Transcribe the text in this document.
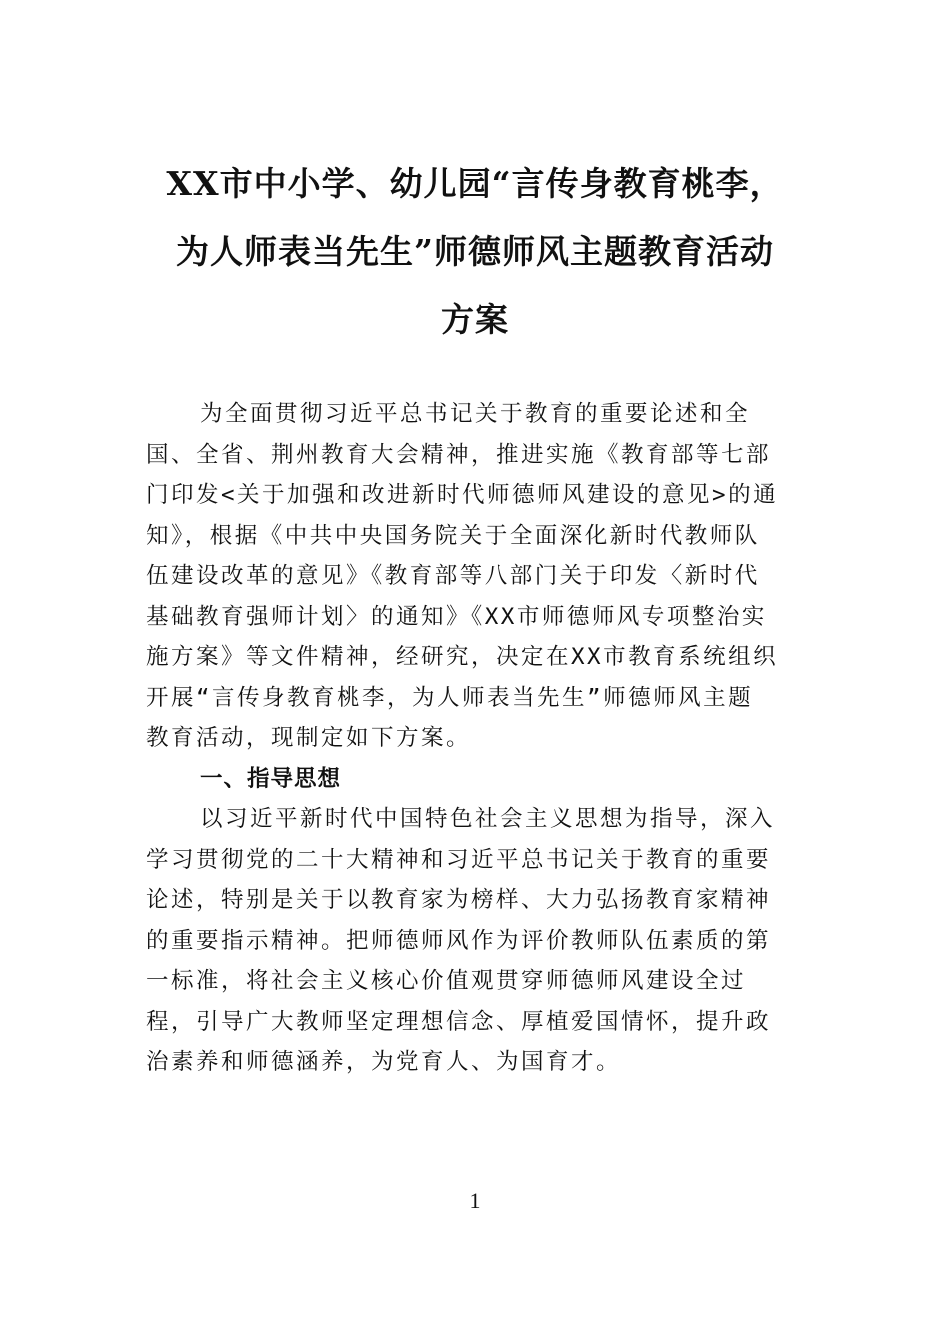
XX市中小学、幼儿园“言传身教育桃李，
为人师表当先生”师德师风主题教育活动
方案
为全面贯彻习近平总书记关于教育的重要论述和全
国、全省、荆州教育大会精神，推进实施《教育部等七部
门印发<关于加强和改进新时代师德师风建设的意见>的通
知》，根据《中共中央国务院关于全面深化新时代教师队
伍建设改革的意见》《教育部等八部门关于印发〈新时代
基础教育强师计划〉的通知》《XX市师德师风专项整治实
施方案》等文件精神，经研究，决定在XX市教育系统组织
开展“言传身教育桃李，为人师表当先生”师德师风主题
教育活动，现制定如下方案。
一、指导思想
以习近平新时代中国特色社会主义思想为指导，深入
学习贯彻党的二十大精神和习近平总书记关于教育的重要
论述，特别是关于以教育家为榜样、大力弘扬教育家精神
的重要指示精神。把师德师风作为评价教师队伍素质的第
一标准，将社会主义核心价值观贯穿师德师风建设全过
程，引导广大教师坚定理想信念、厚植爱国情怀，提升政
治素养和师德涵养，为党育人、为国育才。
1
